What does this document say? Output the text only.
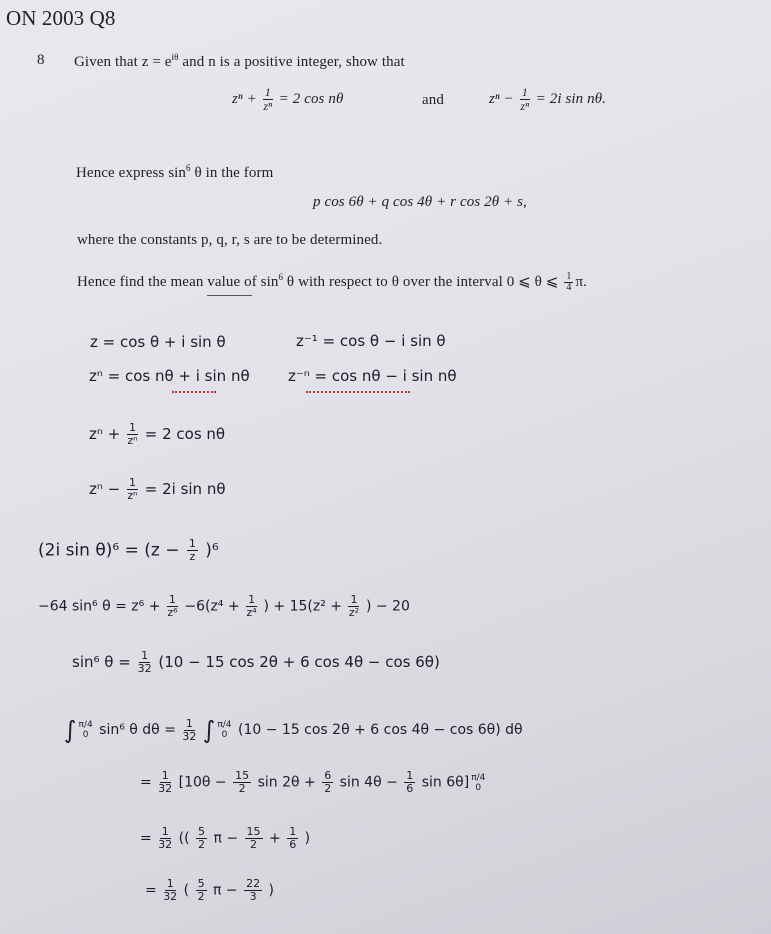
ON 2003 Q8
8 Given that $z = e^{i\theta}$ and n is a positive integer, show that
$z^n + \frac{1}{\text{zⁿ}} = 2$ cos nθ	and	$z^n - \frac{1}{\text{zⁿ}} = 2i$ sin nθ.
Hence express $\sin^6 \theta$ in the form
p cos 6θ + q cos 4θ + r cos 2θ + s,
where the constants p, q, r, s are to be determined.
Hence find the mean value of $\sin^6 \theta$ with respect to θ over the interval 0 ⩽ θ ⩽ $\frac{1}{4} \pi$.
z = cos θ + i sin θ	z⁻¹ = cos θ − i sin θ
zⁿ = cos nθ + i sin nθ	z⁻ⁿ = cos nθ − i sin nθ
$z^n + \frac{1}{\text{zⁿ}} = 2$ cos nθ
$z^n - \frac{1}{\text{zⁿ}} = 2i$ sin nθ
(2i $\sin \theta)^6 = (z - \frac{1}{z} )^6$
−64 sin⁶ $\theta = z^6 + \frac{1}{\text{z⁶}} -6(z^4 + \frac{1}{\text{z⁴}}$ ) + $15(z^2 + \frac{1}{\text{z²}}$ ) − 20
sin⁶ $\theta = \frac{1}{32} (10 - 15$ cos 2θ + 6 cos 4θ − cos 6θ)
∫ π/4
0 sin⁶ θ $d\theta = \frac{1}{32}$ ∫ π/4
0 (10 − 15 cos 2θ + 6 cos 4θ − cos 6θ) dθ
= $\frac{1}{32} [10\theta - \frac{15}{2}$ $\sin 2\theta + \frac{6}{2}$ $\sin 4\theta - \frac{1}{6}$ sin 6θ] π/4
0
= $\frac{1}{32}$ (( $\frac{5}{2}$ $\pi - \frac{15}{2} + \frac{1}{6}$ )
= $\frac{1}{32}$ ( $\frac{5}{2}$ $\pi - \frac{22}{3}$ )
